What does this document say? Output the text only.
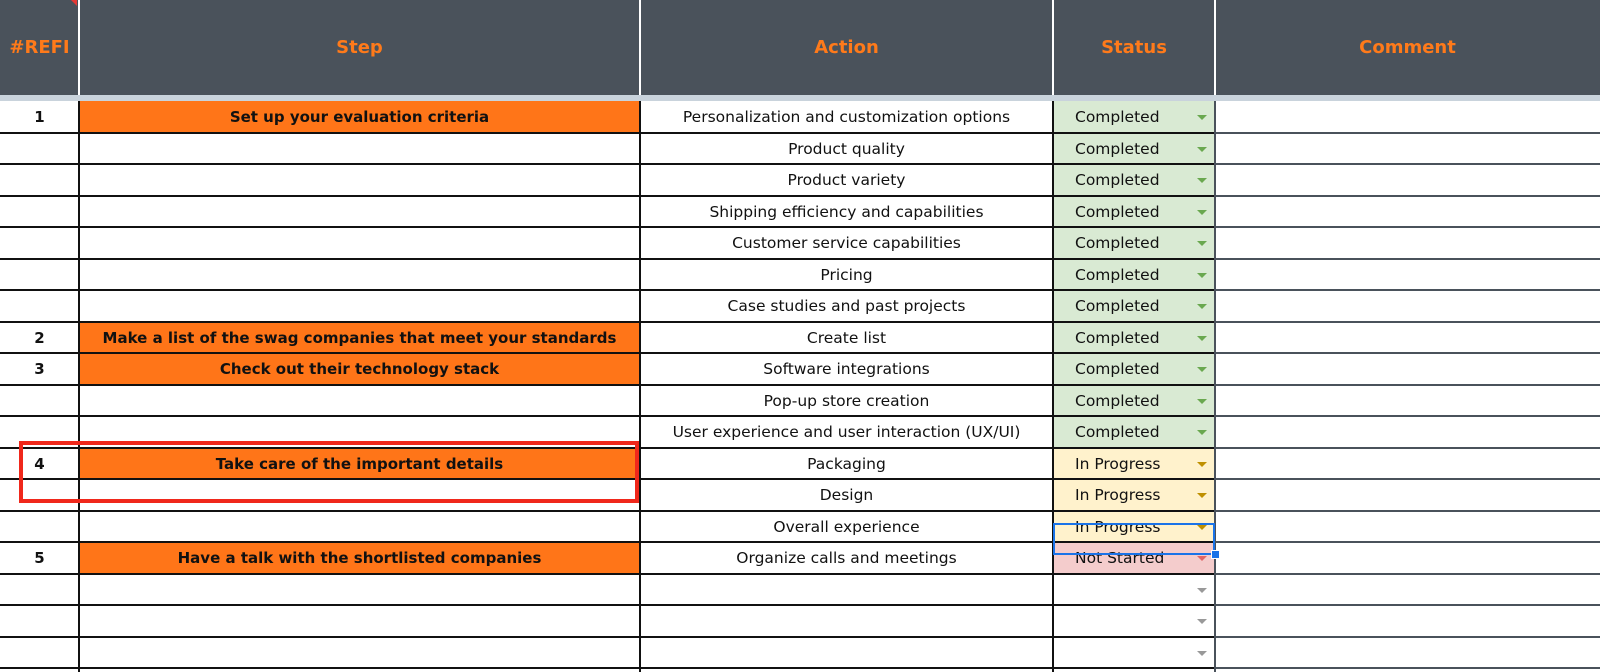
#REFI	Step	Action	Status	Comment
1	Set up your evaluation criteria	Personalization and customization options	Completed
Product quality	Completed
Product variety	Completed
Shipping efficiency and capabilities	Completed
Customer service capabilities	Completed
Pricing	Completed
Case studies and past projects	Completed
2	Make a list of the swag companies that meet your standards	Create list	Completed
3	Check out their technology stack	Software integrations	Completed
Pop-up store creation	Completed
User experience and user interaction (UX/UI)	Completed
4	Take care of the important details	Packaging	In Progress
Design	In Progress
Overall experience	In Progress
5	Have a talk with the shortlisted companies	Organize calls and meetings	Not Started
